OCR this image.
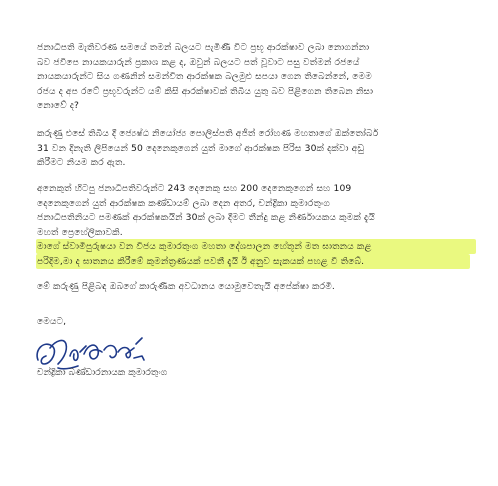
ජනාධිපති මැතිවරණ සමයේ තමන් බලයට පැමිණි විට ප්‍රභූ ආරක්ෂාව ලබා නොගන්නා
බව ජවිපෙ නායකයාරුන් ප්‍රකාශ කළ ද, ඔවුන් බලයට පත් වූවාට පසු වත්මන් රජයේ
නායකයාරුන්ට සිය ගණනින් සමන්විත ආරක්ෂක බලමුළු සපයා ගෙන තිබෙන්නේ, මෙම
රජය ද අප රටේ ප්‍රභූවරුන්ට යම් කිසි ආරක්ෂාවක් තිබිය යුතු බව පිළිගෙන තිබෙන නිසා
නොවේ ද?
කරුණු එසේ තිබිය දී ජ්‍යෙෂ්ඨ නියෝජ්‍ය පොලිස්පති අජිත් රෝහණ මහතාගේ ඔක්තෝබර්
31 වන දිනැති ලිපියෙන් 50 දෙනෙකුගෙන් යුත් මාගේ ආරක්ෂක පිරිස 30ක් දක්වා අඩු
කිරීමට නියම කර ඇත.
අනෙකුත් හිටපු ජනාධිපතිවරුන්ට 243 දෙනෙකු සහ 200 දෙනෙකුගෙන් සහ 109
දෙනෙකුගෙන් යුත් ආරක්ෂක කණ්ඩායම් ලබා දෙන අතර, චන්ද්‍රිකා කුමාරතුංග
ජනාධිපතිනියට පමණක් ආරක්ෂකයින් 30ක් ලබා දීමට තීන්දු කළ නිර්ණායකය කුමක් දැයි
මහත් ප්‍රෙහේලිකාවකි.
මාගේ ස්වාමිපුරුෂයා වන විජය කුමාරතුංග මහතා දේශපාලන හේතූන් මත ඝාතනය කළ
පරිදිම,මා ද ඝාතනය කිරීමේ කුමන්ත්‍රණයක් පවතී දැයි ඊ අනුව සැකයක් පහළ වී තිබේ.
මේ කරුණු පිළිබඳ ඔබගේ කාරුණික අවධානය යොමුවෙතැයි අපේක්ෂා කරමි.
මෙයට,
චන්ද්‍රිකා බණ්ඩාරනායක කුමාරතුංග
